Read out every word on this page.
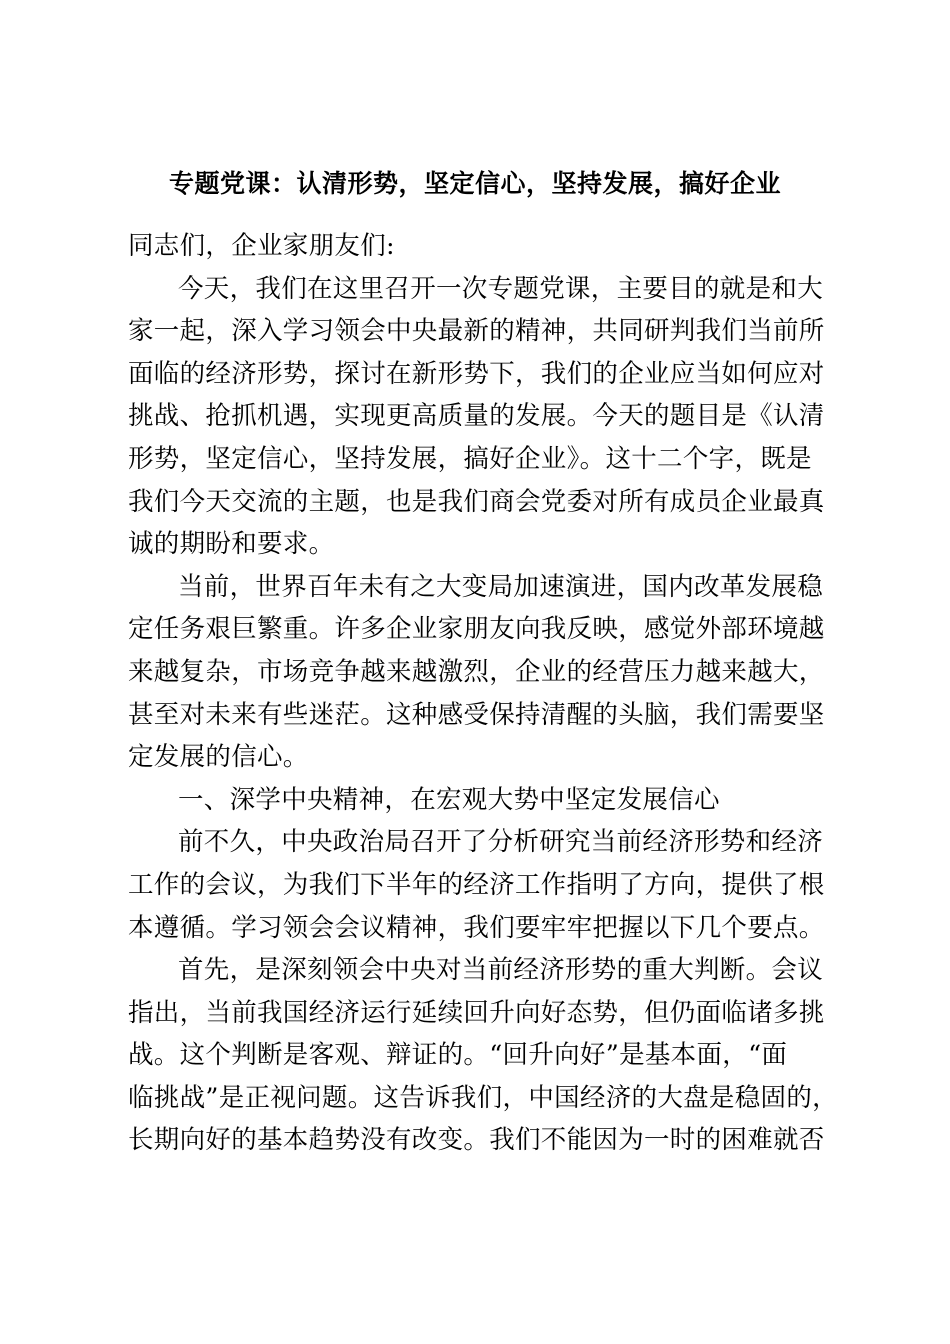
专题党课：认清形势，坚定信心，坚持发展，搞好企业
同志们，企业家朋友们:
今天，我们在这里召开一次专题党课，主要目的就是和大
家一起，深入学习领会中央最新的精神，共同研判我们当前所
面临的经济形势，探讨在新形势下，我们的企业应当如何应对
挑战、抢抓机遇，实现更高质量的发展。今天的题目是《认清
形势，坚定信心，坚持发展，搞好企业》。这十二个字，既是
我们今天交流的主题，也是我们商会党委对所有成员企业最真
诚的期盼和要求。
当前，世界百年未有之大变局加速演进，国内改革发展稳
定任务艰巨繁重。许多企业家朋友向我反映，感觉外部环境越
来越复杂，市场竞争越来越激烈，企业的经营压力越来越大，
甚至对未来有些迷茫。这种感受保持清醒的头脑，我们需要坚
定发展的信心。
一、深学中央精神，在宏观大势中坚定发展信心
前不久，中央政治局召开了分析研究当前经济形势和经济
工作的会议，为我们下半年的经济工作指明了方向，提供了根
本遵循。学习领会会议精神，我们要牢牢把握以下几个要点。
首先，是深刻领会中央对当前经济形势的重大判断。会议
指出，当前我国经济运行延续回升向好态势，但仍面临诸多挑
战。这个判断是客观、辩证的。“回升向好”是基本面，“面
临挑战”是正视问题。这告诉我们，中国经济的大盘是稳固的，
长期向好的基本趋势没有改变。我们不能因为一时的困难就否
